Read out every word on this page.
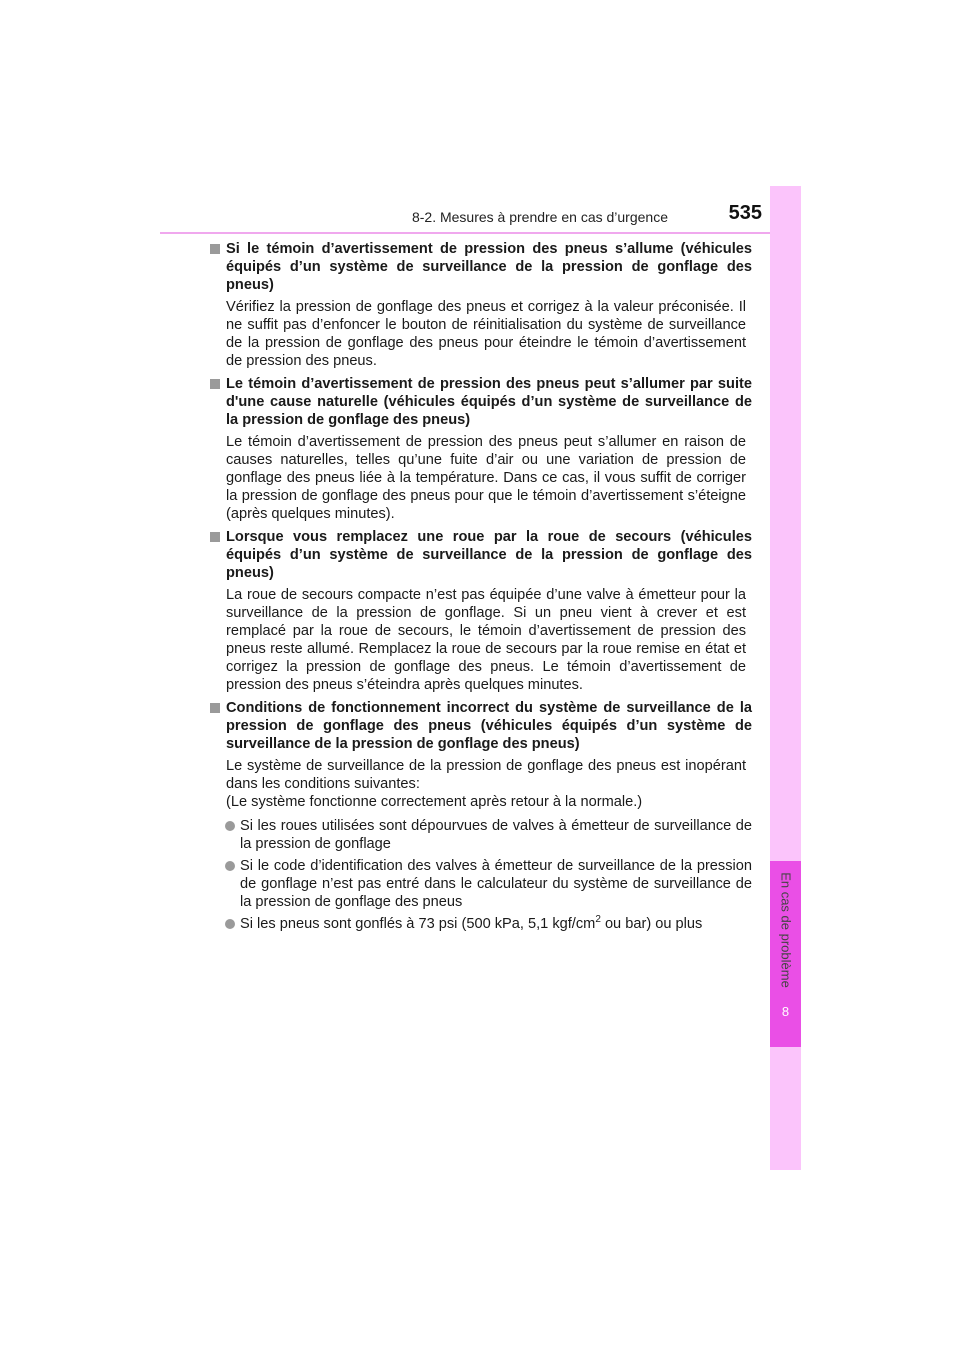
8-2. Mesures à prendre en cas d’urgence	535
8
En cas de problème

Si le témoin d’avertissement de pression des pneus s’allume (véhicules équipés d’un système de surveillance de la pression de gonflage des pneus)

Vérifiez la pression de gonflage des pneus et corrigez à la valeur préconisée. Il ne suffit pas d’enfoncer le bouton de réinitialisation du système de surveillance de la pression de gonflage des pneus pour éteindre le témoin d’avertissement de pression des pneus.

Le témoin d’avertissement de pression des pneus peut s’allumer par suite d'une cause naturelle (véhicules équipés d’un système de surveillance de la pression de gonflage des pneus)

Le témoin d’avertissement de pression des pneus peut s’allumer en raison de causes naturelles, telles qu’une fuite d’air ou une variation de pression de gonflage des pneus liée à la température. Dans ce cas, il vous suffit de corriger la pression de gonflage des pneus pour que le témoin d’avertissement s’éteigne (après quelques minutes).

Lorsque vous remplacez une roue par la roue de secours (véhicules équipés d’un système de surveillance de la pression de gonflage des pneus)

La roue de secours compacte n’est pas équipée d’une valve à émetteur pour la surveillance de la pression de gonflage. Si un pneu vient à crever et est remplacé par la roue de secours, le témoin d’avertissement de pression des pneus reste allumé. Remplacez la roue de secours par la roue remise en état et corrigez la pression de gonflage des pneus. Le témoin d’avertissement de pression des pneus s’éteindra après quelques minutes.

Conditions de fonctionnement incorrect du système de surveillance de la pression de gonflage des pneus (véhicules équipés d’un système de surveillance de la pression de gonflage des pneus)

Le système de surveillance de la pression de gonflage des pneus est inopérant dans les conditions suivantes:

(Le système fonctionne correctement après retour à la normale.)

Si les roues utilisées sont dépourvues de valves à émetteur de surveillance de la pression de gonflage
Si le code d’identification des valves à émetteur de surveillance de la pression de gonflage n’est pas entré dans le calculateur du système de surveillance de la pression de gonflage des pneus
Si les pneus sont gonflés à 73 psi (500 kPa, 5,1 kgf/$cm^2$ ou bar) ou plus
